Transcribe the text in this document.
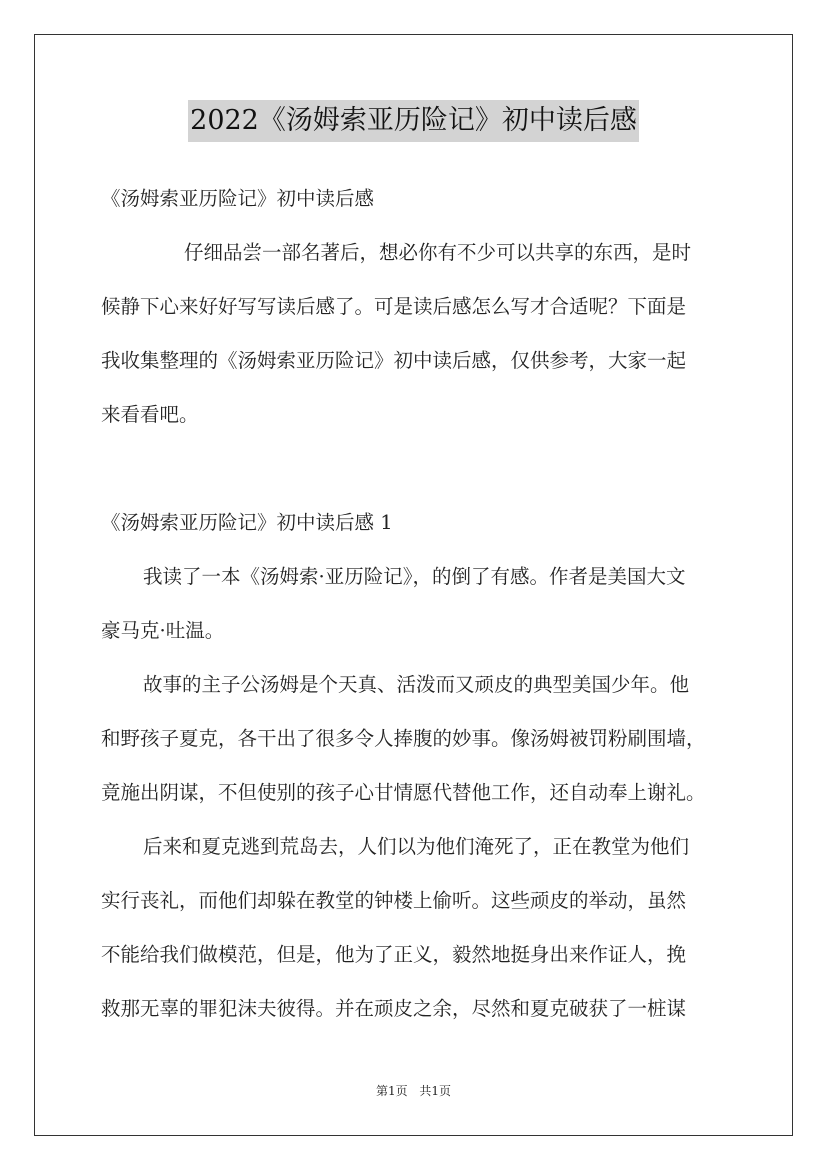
2022《汤姆索亚历险记》初中读后感
《汤姆索亚历险记》初中读后感
仔细品尝一部名著后，想必你有不少可以共享的东西，是时
候静下心来好好写写读后感了。可是读后感怎么写才合适呢？下面是
我收集整理的《汤姆索亚历险记》初中读后感，仅供参考，大家一起
来看看吧。
《汤姆索亚历险记》初中读后感 1
我读了一本《汤姆索·亚历险记》，的倒了有感。作者是美国大文
豪马克·吐温。
故事的主子公汤姆是个天真、活泼而又顽皮的典型美国少年。他
和野孩子夏克，各干出了很多令人捧腹的妙事。像汤姆被罚粉刷围墙，
竟施出阴谋，不但使别的孩子心甘情愿代替他工作，还自动奉上谢礼。
后来和夏克逃到荒岛去，人们以为他们淹死了，正在教堂为他们
实行丧礼，而他们却躲在教堂的钟楼上偷听。这些顽皮的举动，虽然
不能给我们做模范，但是，他为了正义，毅然地挺身出来作证人，挽
救那无辜的罪犯沫夫彼得。并在顽皮之余，尽然和夏克破获了一桩谋
第1页 共1页
